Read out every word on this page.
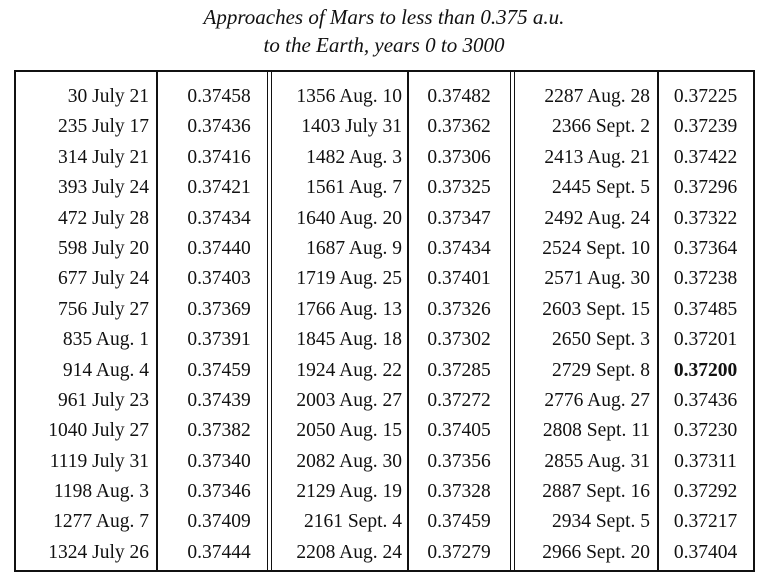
Approaches of Mars to less than 0.375 a.u.
to the Earth, years 0 to 3000
30 July 21	0.37458	1356 Aug. 10	0.37482	2287 Aug. 28	0.37225
235 July 17	0.37436	1403 July 31	0.37362	2366 Sept. 2	0.37239
314 July 21	0.37416	1482 Aug. 3	0.37306	2413 Aug. 21	0.37422
393 July 24	0.37421	1561 Aug. 7	0.37325	2445 Sept. 5	0.37296
472 July 28	0.37434	1640 Aug. 20	0.37347	2492 Aug. 24	0.37322
598 July 20	0.37440	1687 Aug. 9	0.37434	2524 Sept. 10	0.37364
677 July 24	0.37403	1719 Aug. 25	0.37401	2571 Aug. 30	0.37238
756 July 27	0.37369	1766 Aug. 13	0.37326	2603 Sept. 15	0.37485
835 Aug. 1	0.37391	1845 Aug. 18	0.37302	2650 Sept. 3	0.37201
914 Aug. 4	0.37459	1924 Aug. 22	0.37285	2729 Sept. 8	0.37200
961 July 23	0.37439	2003 Aug. 27	0.37272	2776 Aug. 27	0.37436
1040 July 27	0.37382	2050 Aug. 15	0.37405	2808 Sept. 11	0.37230
1119 July 31	0.37340	2082 Aug. 30	0.37356	2855 Aug. 31	0.37311
1198 Aug. 3	0.37346	2129 Aug. 19	0.37328	2887 Sept. 16	0.37292
1277 Aug. 7	0.37409	2161 Sept. 4	0.37459	2934 Sept. 5	0.37217
1324 July 26	0.37444	2208 Aug. 24	0.37279	2966 Sept. 20	0.37404
